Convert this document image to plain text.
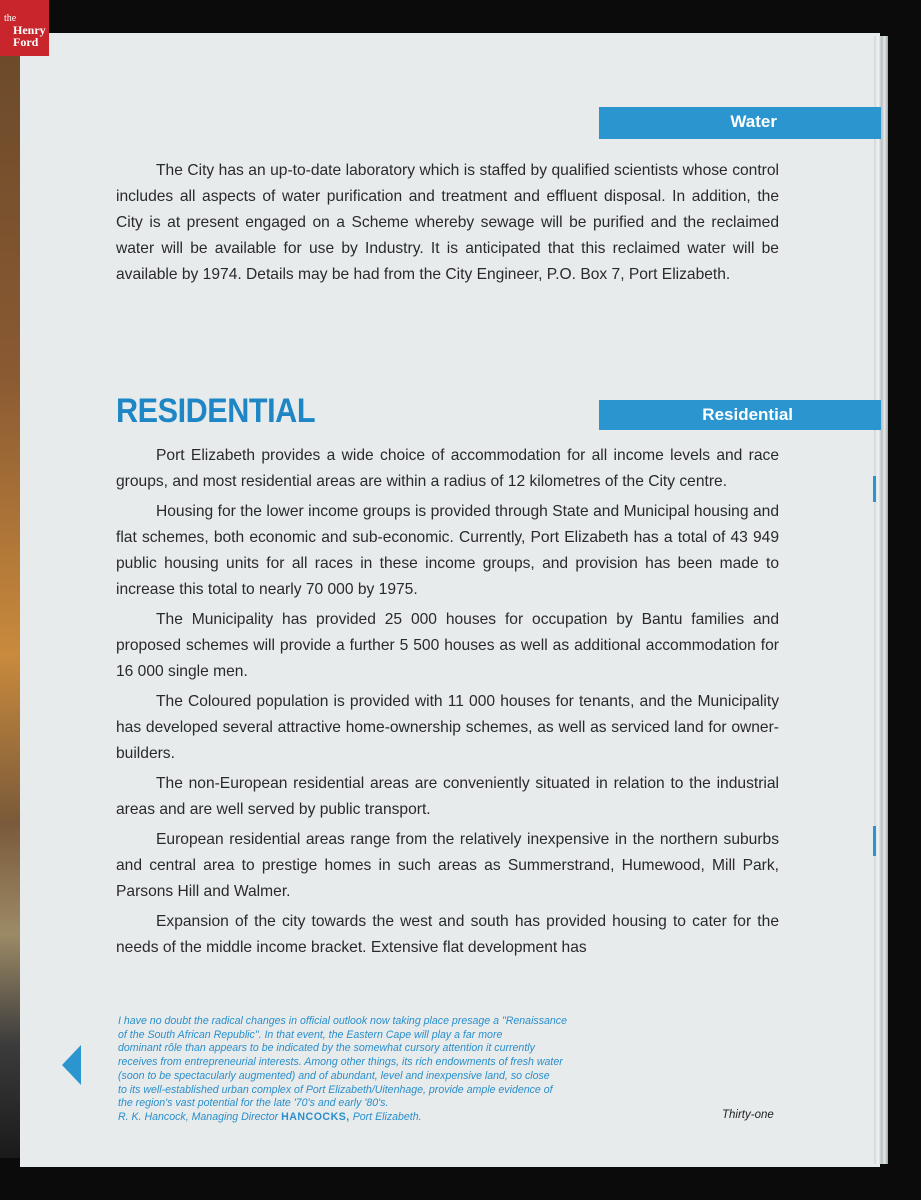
the
Henry
Ford
Water

The City has an up-to-date laboratory which is staffed by qualified scientists whose control includes all aspects of water purification and treatment and effluent disposal. In addition, the City is at present engaged on a Scheme whereby sewage will be purified and the reclaimed water will be available for use by Industry. It is anticipated that this reclaimed water will be available by 1974. Details may be had from the City Engineer, P.O. Box 7, Port Elizabeth.

RESIDENTIAL	Residential

Port Elizabeth provides a wide choice of accommodation for all income levels and race groups, and most residential areas are within a radius of 12 kilometres of the City centre.

Housing for the lower income groups is provided through State and Municipal housing and flat schemes, both economic and sub-economic. Currently, Port Elizabeth has a total of 43 949 public housing units for all races in these income groups, and provision has been made to increase this total to nearly 70 000 by 1975.

The Municipality has provided 25 000 houses for occupation by Bantu families and proposed schemes will provide a further 5 500 houses as well as additional accommodation for 16 000 single men.

The Coloured population is provided with 11 000 houses for tenants, and the Municipality has developed several attractive home-ownership schemes, as well as serviced land for owner-builders.

The non-European residential areas are conveniently situated in relation to the industrial areas and are well served by public transport.

European residential areas range from the relatively inexpensive in the northern suburbs and central area to prestige homes in such areas as Summerstrand, Humewood, Mill Park, Parsons Hill and Walmer.

Expansion of the city towards the west and south has provided housing to cater for the needs of the middle income bracket. Extensive flat development has

I have no doubt the radical changes in official outlook now taking place presage a "Renaissance
of the South African Republic". In that event, the Eastern Cape will play a far more
dominant rôle than appears to be indicated by the somewhat cursory attention it currently
receives from entrepreneurial interests. Among other things, its rich endowments of fresh water
(soon to be spectacularly augmented) and of abundant, level and inexpensive land, so close
to its well-established urban complex of Port Elizabeth/Uitenhage, provide ample evidence of
the region's vast potential for the late '70's and early '80's.
R. K. Hancock, Managing Director HANCOCKS, Port Elizabeth.	Thirty-one
